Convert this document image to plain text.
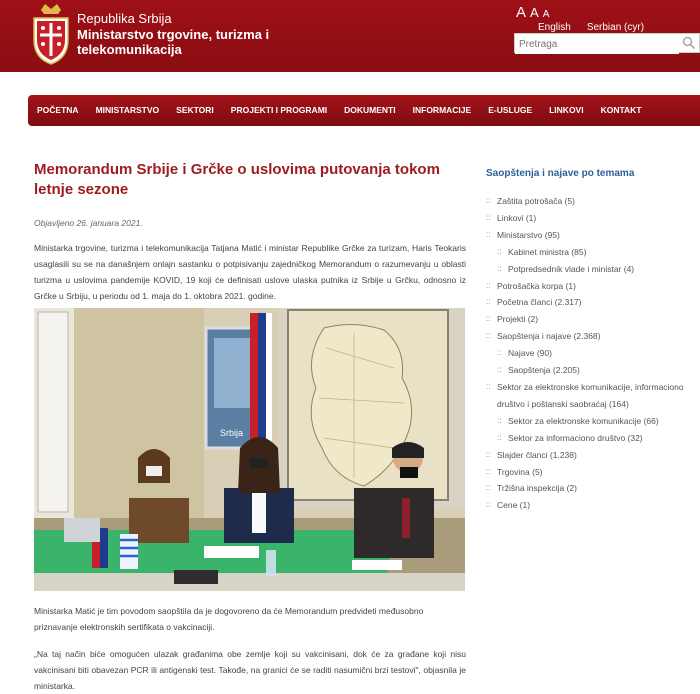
Republika Srbija
Ministarstvo trgovine, turizma i telekomunikacija
A A A
English Serbian (cyr)
Pretraga
POČETNA MINISTARSTVO SEKTORI PROJEKTI I PROGRAMI DOKUMENTI INFORMACIJE E-USLUGE LINKOVI KONTAKT
Memorandum Srbije i Grčke o uslovima putovanja tokom letnje sezone
Objavljeno 26. januara 2021.
Ministarka trgovine, turizma i telekomunikacija Tatjana Matić i ministar Republike Grčke za turizam, Haris Teokaris usaglasili su se na današnjem onlajn sastanku o potpisivanju zajedničkog Memorandum o razumevanju u oblasti turizma u uslovima pandemije KOVID, 19 koji će definisati uslove ulaska putnika iz Srbije u Grčku, odnosno iz Grčke u Srbiju, u periodu od 1. maja do 1. oktobra 2021. godine.
Srbija
Ministarka Matić je tim povodom saopštila da je dogovoreno da će Memorandum predvideti međusobno priznavanje elektronskih sertifikata o vakcinaciji.
„Na taj način biće omogućen ulazak građanima obe zemlje koji su vakcinisani, dok će za građane koji nisu vakcinisani biti obavezan PCR ili antigenski test. Takođe, na granici će se raditi nasumični brzi testovi", objasnila je ministarka.
Saopštenja i najave po temama
:: Zaštita potrošača (5)
:: Linkovi (1)
:: Ministarstvo (95)
:: Kabinet ministra (85)
:: Potpredsednik vlade i ministar (4)
:: Potrošačka korpa (1)
:: Početna članci (2.317)
:: Projekti (2)
:: Saopštenja i najave (2.368)
:: Najave (90)
:: Saopštenja (2.205)
:: Sektor za elektronske komunikacije, informaciono društvo i poštanski saobraćaj (164)
:: Sektor za elektronske komunikacije (66)
:: Sektor za informaciono društvo (32)
:: Slajder članci (1.238)
:: Trgovina (5)
:: Tržišna inspekcija (2)
:: Cene (1)
